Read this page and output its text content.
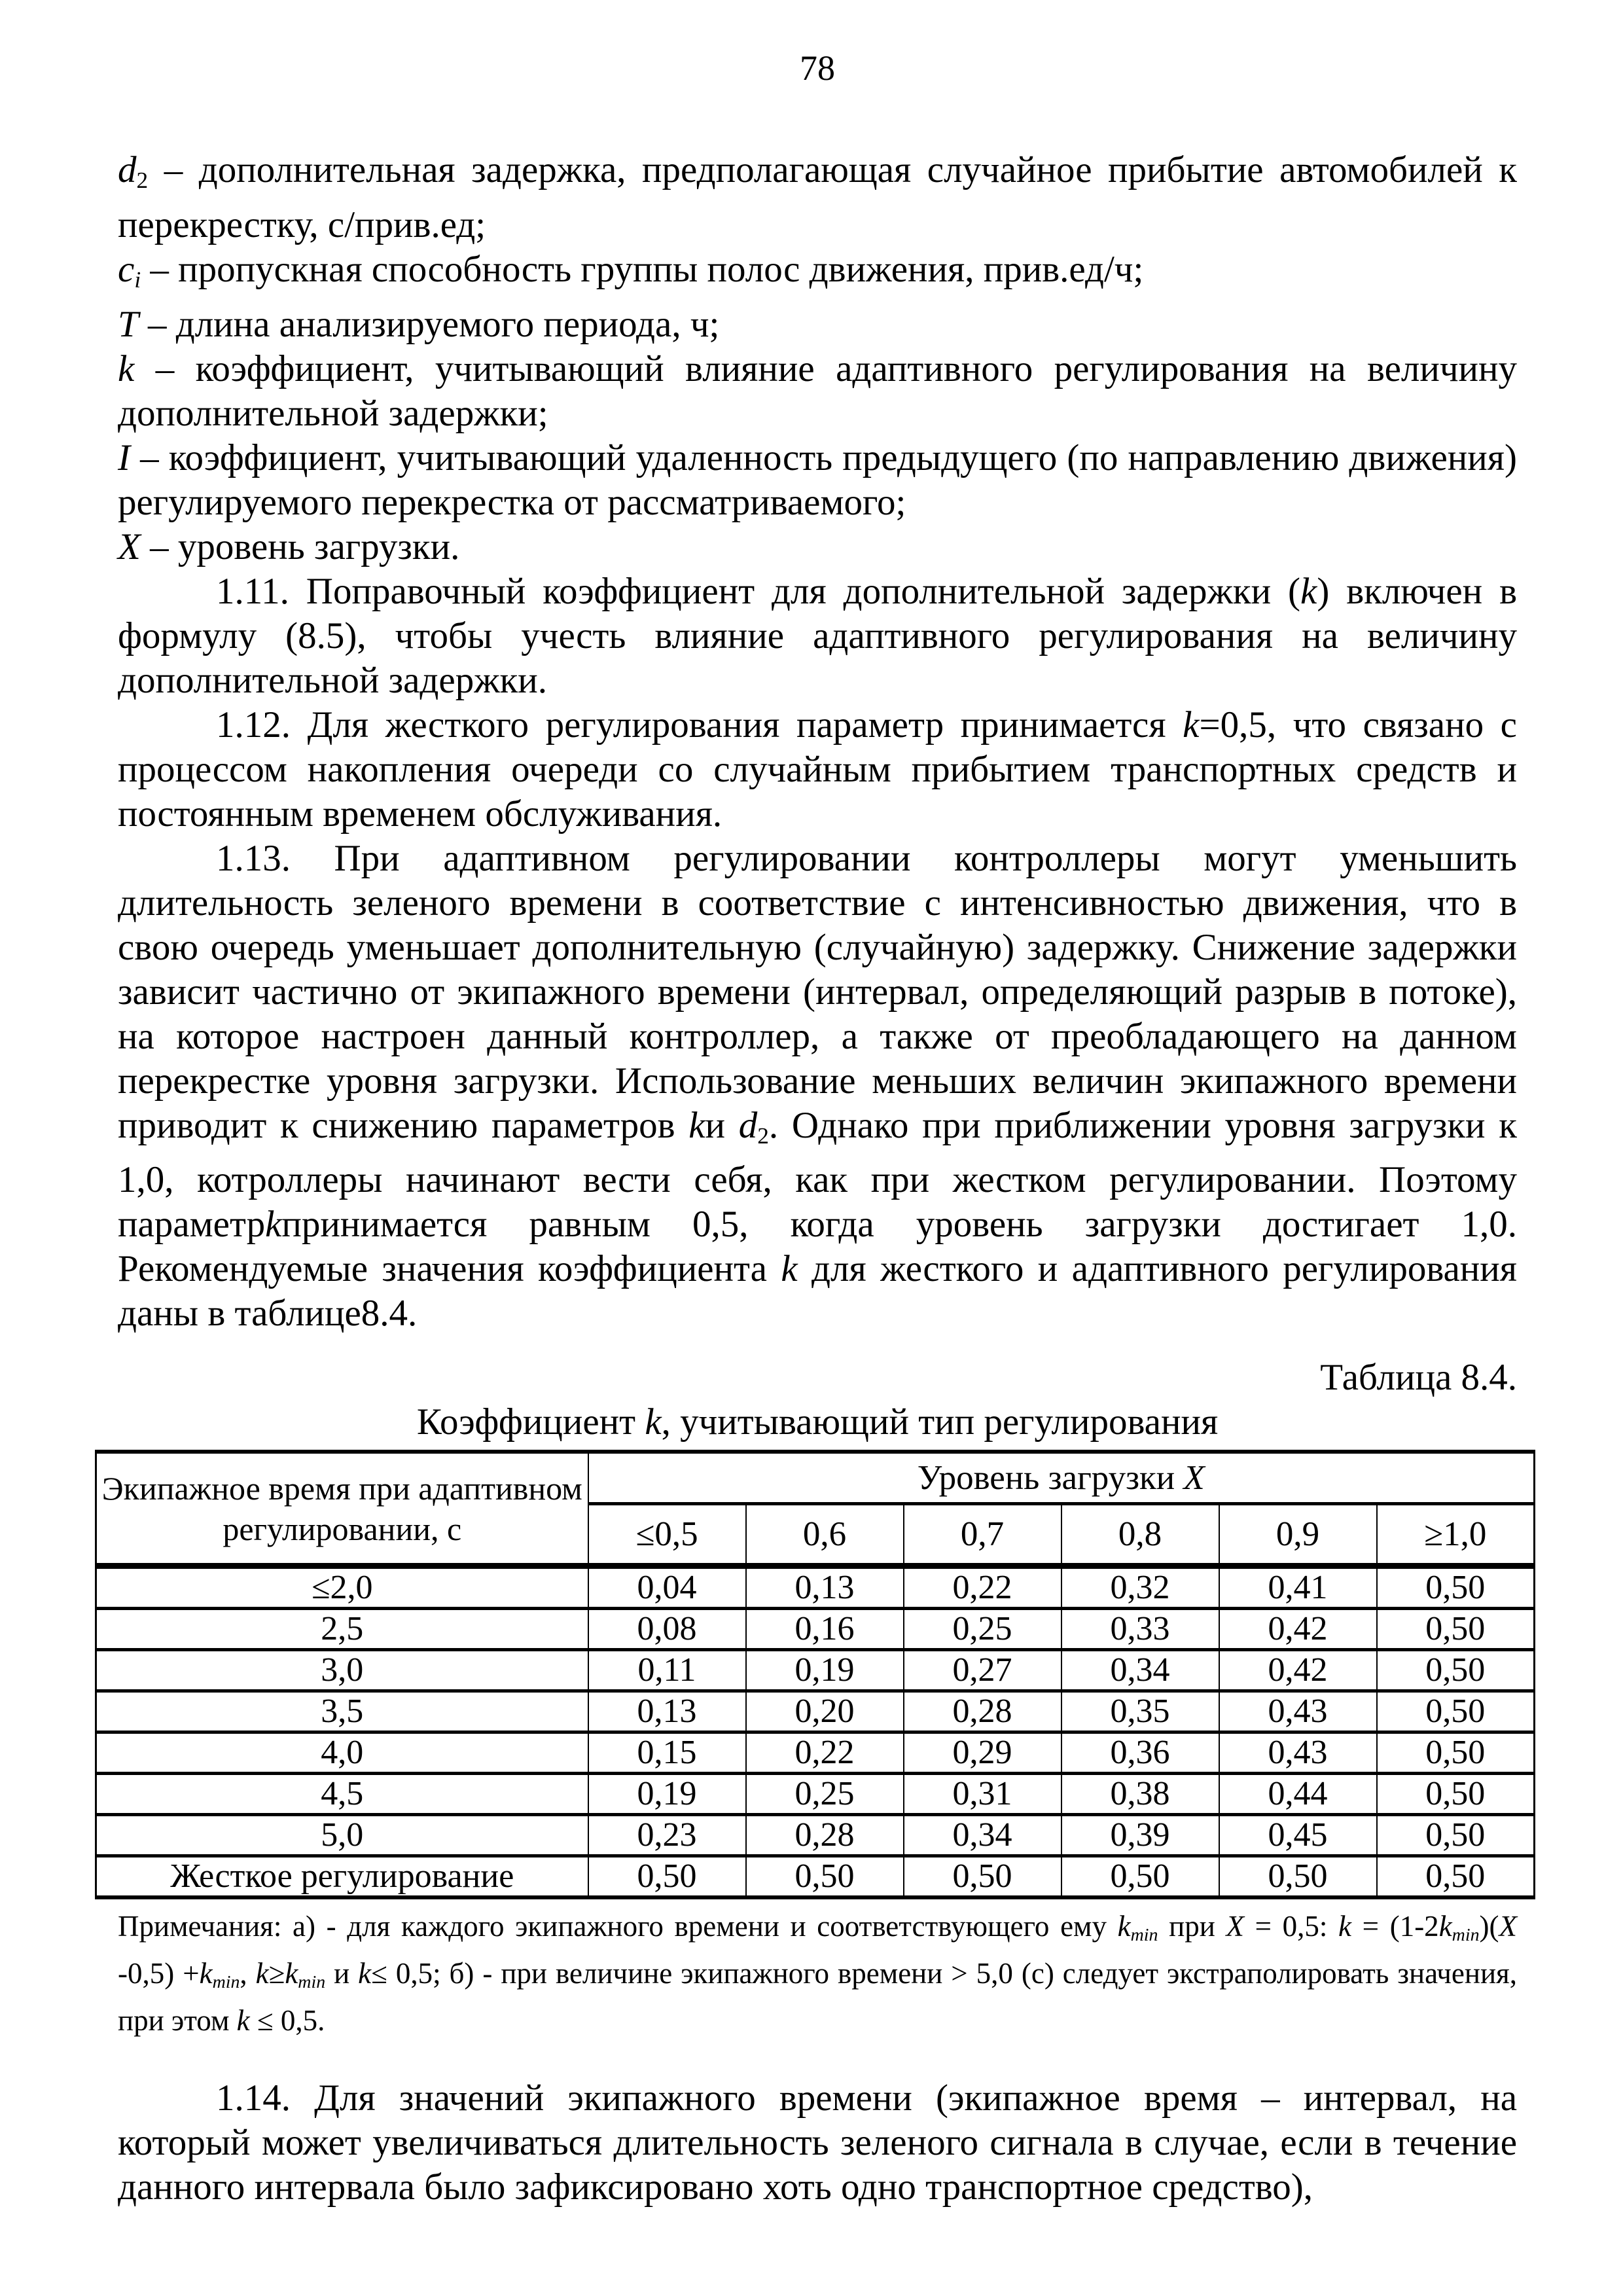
78

$d_2$ – дополнительная задержка, предполагающая случайное прибытие автомобилей к перекрестку, с/прив.ед;

ci – пропускная способность группы полос движения, прив.ед/ч;

T – длина анализируемого периода, ч;

k – коэффициент, учитывающий влияние адаптивного регулирования на величину дополнительной задержки;

I – коэффициент, учитывающий удаленность предыдущего (по направлению движения) регулируемого перекрестка от рассматриваемого;

X – уровень загрузки.

1.11. Поправочный коэффициент для дополнительной задержки (k) включен в формулу (8.5), чтобы учесть влияние адаптивного регулирования на величину дополнительной задержки.

1.12. Для жесткого регулирования параметр принимается k=0,5, что связано с процессом накопления очереди со случайным прибытием транспортных средств и постоянным временем обслуживания.

1.13. При адаптивном регулировании контроллеры могут уменьшить длительность зеленого времени в соответствие с интенсивностью движения, что в свою очередь уменьшает дополнительную (случайную) задержку. Снижение задержки зависит частично от экипажного времени (интервал, определяющий разрыв в потоке), на которое настроен данный контроллер, а также от преобладающего на данном перекрестке уровня загрузки. Использование меньших величин экипажного времени приводит к снижению параметров kи $d_2$. Однако при приближении уровня загрузки к 1,0, котроллеры начинают вести себя, как при жестком регулировании. Поэтому параметрkпринимается равным 0,5, когда уровень загрузки достигает 1,0. Рекомендуемые значения коэффициента k для жесткого и адаптивного регулирования даны в таблице8.4.

Таблица 8.4.
Коэффициент k, учитывающий тип регулирования
Экипажное время при адаптивном регулировании, с	Уровень загрузки X					
	≤0,5	0,6	0,7	0,8	0,9	≥1,0
≤2,0	0,04	0,13	0,22	0,32	0,41	0,50
2,5	0,08	0,16	0,25	0,33	0,42	0,50
3,0	0,11	0,19	0,27	0,34	0,42	0,50
3,5	0,13	0,20	0,28	0,35	0,43	0,50
4,0	0,15	0,22	0,29	0,36	0,43	0,50
4,5	0,19	0,25	0,31	0,38	0,44	0,50
5,0	0,23	0,28	0,34	0,39	0,45	0,50
Жесткое регулирование	0,50	0,50	0,50	0,50	0,50	0,50

Примечания: а) - для каждого экипажного времени и соответствующего ему kmin при X = 0,5: k = (1-2kmin)(X -0,5) +kmin, k≥kmin и k≤ 0,5; б) - при величине экипажного времени > 5,0 (с) следует экстраполировать значения, при этом k ≤ 0,5.

1.14. Для значений экипажного времени (экипажное время – интервал, на который может увеличиваться длительность зеленого сигнала в случае, если в течение данного интервала было зафиксировано хоть одно транспортное средство),
